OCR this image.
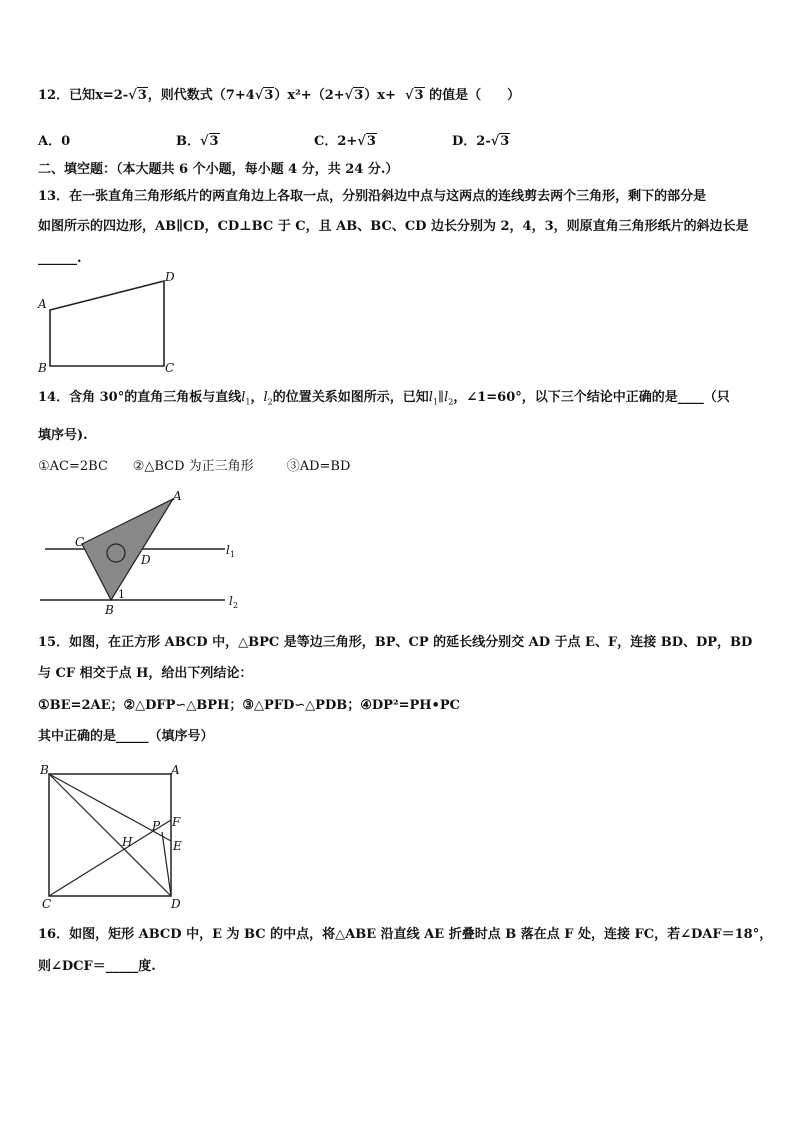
12．已知x=2-√3，则代数式（7+4√3）x²+（2+√3）x+ √3 的值是（　　）
A．0	B．√3	C．2+√3	D．2-√3
二、填空题：（本大题共 6 个小题，每小题 4 分，共 24 分.）
13．在一张直角三角形纸片的两直角边上各取一点，分别沿斜边中点与这两点的连线剪去两个三角形，剩下的部分是
如图所示的四边形，AB∥CD，CD⊥BC 于 C，且 AB、BC、CD 边长分别为 2，4，3，则原直角三角形纸片的斜边长是
______.
A
B	C
D
14．含角 30°的直角三角板与直线$l_1$，$l_2$的位置关系如图所示，已知$l_1\parallel l_2$，∠1=60°，以下三个结论中正确的是____（只
填序号).
①AC=2BC ②△BCD 为正三角形	③AD=BD
A
C
D
B
1
l 1
l 2
15．如图，在正方形 ABCD 中，△BPC 是等边三角形，BP、CP 的延长线分别交 AD 于点 E、F，连接 BD、DP，BD
与 CF 相交于点 H，给出下列结论：
①BE=2AE；②△DFP∽△BPH；③△PFD∽△PDB；④DP²=PH•PC
其中正确的是_____（填序号）
B	A
C	D
P F
E
H
16．如图，矩形 ABCD 中，E 为 BC 的中点，将△ABE 沿直线 AE 折叠时点 B 落在点 F 处，连接 FC，若∠DAF＝18°，
则∠DCF＝_____度.
